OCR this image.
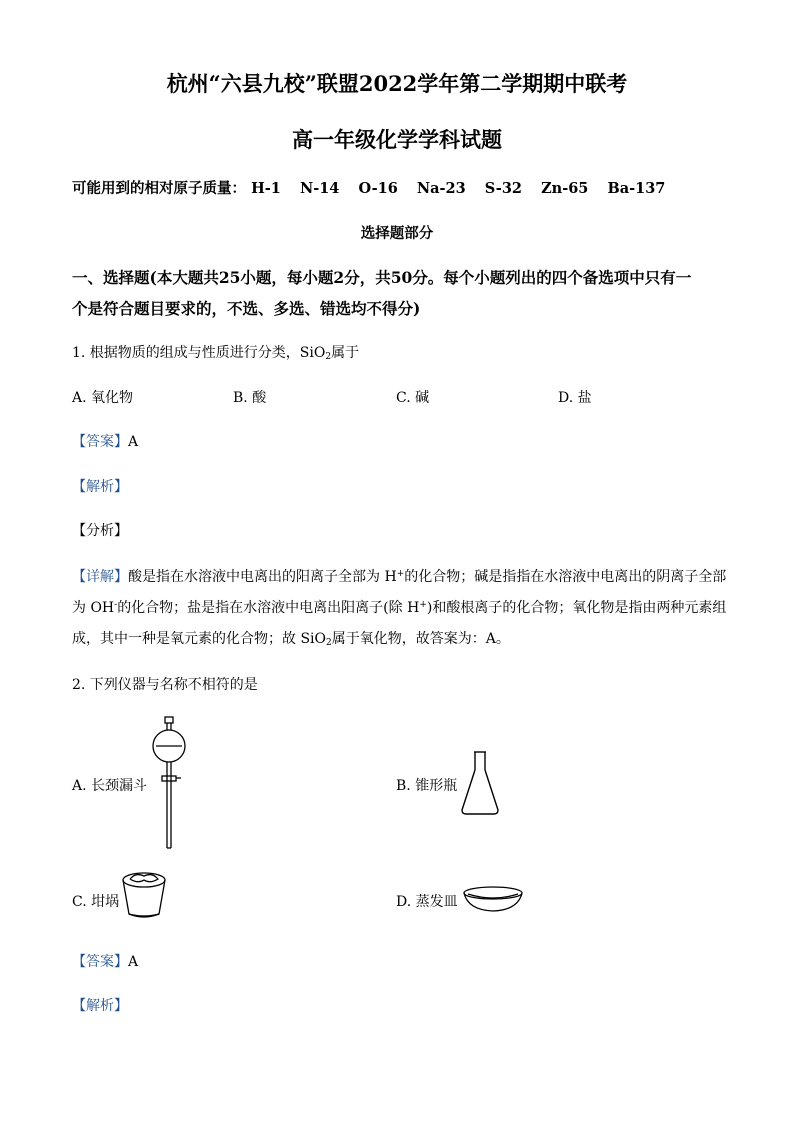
杭州“六县九校”联盟2022学年第二学期期中联考
高一年级化学学科试题
可能用到的相对原子质量： H-1 N-14 O-16 Na-23 S-32 Zn-65 Ba-137
选择题部分
一、选择题(本大题共25小题，每小题2分，共50分。每个小题列出的四个备选项中只有一
个是符合题目要求的，不选、多选、错选均不得分)
1. 根据物质的组成与性质进行分类，SiO$_2$属于
A. 氧化物	B. 酸	C. 碱	D. 盐
【答案】A
【解析】
【分析】
【详解】酸是指在水溶液中电离出的阳离子全部为 H+的化合物；碱是指指在水溶液中电离出的阴离子全部
为 OH-的化合物；盐是指在水溶液中电离出阳离子(除 H+)和酸根离子的化合物；氧化物是指由两种元素组
成，其中一种是氧元素的化合物；故 SiO$_2$属于氧化物，故答案为：A。
2. 下列仪器与名称不相符的是
A. 长颈漏斗	B. 锥形瓶
C. 坩埚	D. 蒸发皿
【答案】A
【解析】
